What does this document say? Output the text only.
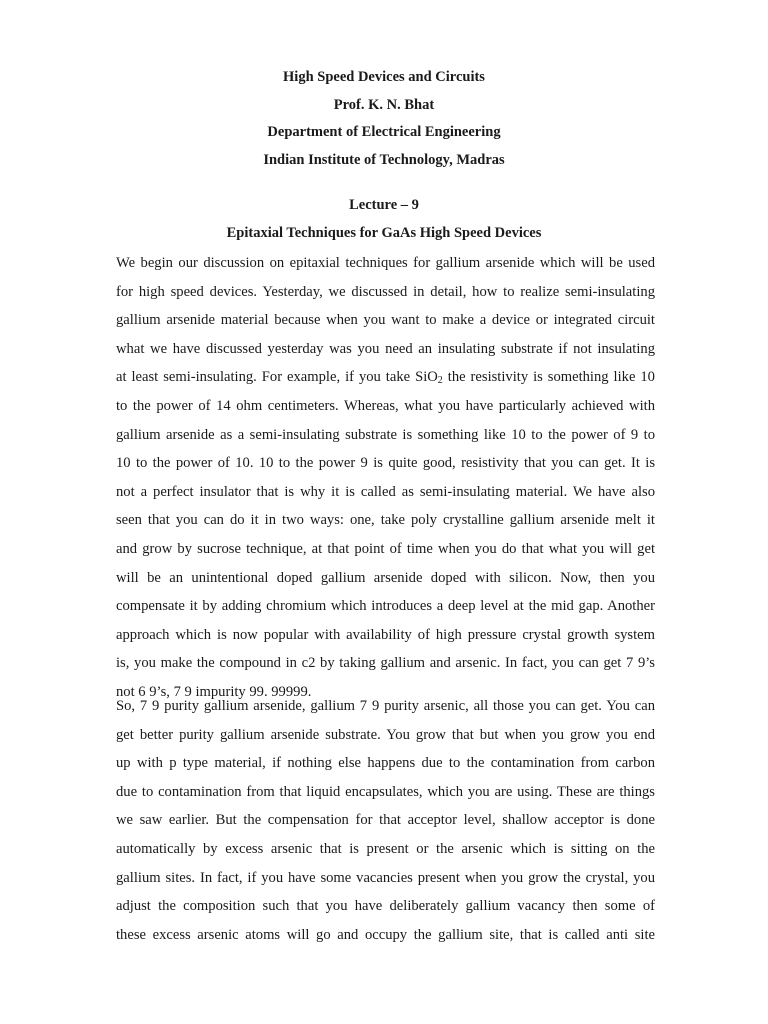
High Speed Devices and Circuits
Prof. K. N. Bhat
Department of Electrical Engineering
Indian Institute of Technology, Madras
Lecture – 9
Epitaxial Techniques for GaAs High Speed Devices
We begin our discussion on epitaxial techniques for gallium arsenide which will be used
for high speed devices. Yesterday, we discussed in detail, how to realize semi-insulating
gallium arsenide material because when you want to make a device or integrated circuit
what we have discussed yesterday was you need an insulating substrate if not insulating
at least semi-insulating. For example, if you take SiO$_2$ the resistivity is something like 10
to the power of 14 ohm centimeters. Whereas, what you have particularly achieved with
gallium arsenide as a semi-insulating substrate is something like 10 to the power of 9 to
10 to the power of 10. 10 to the power 9 is quite good, resistivity that you can get. It is
not a perfect insulator that is why it is called as semi-insulating material. We have also
seen that you can do it in two ways: one, take poly crystalline gallium arsenide melt it
and grow by sucrose technique, at that point of time when you do that what you will get
will be an unintentional doped gallium arsenide doped with silicon. Now, then you
compensate it by adding chromium which introduces a deep level at the mid gap. Another
approach which is now popular with availability of high pressure crystal growth system
is, you make the compound in c2 by taking gallium and arsenic. In fact, you can get 7 9’s
not 6 9’s, 7 9 impurity 99. 99999.
So, 7 9 purity gallium arsenide, gallium 7 9 purity arsenic, all those you can get. You can
get better purity gallium arsenide substrate. You grow that but when you grow you end
up with p type material, if nothing else happens due to the contamination from carbon
due to contamination from that liquid encapsulates, which you are using. These are things
we saw earlier. But the compensation for that acceptor level, shallow acceptor is done
automatically by excess arsenic that is present or the arsenic which is sitting on the
gallium sites. In fact, if you have some vacancies present when you grow the crystal, you
adjust the composition such that you have deliberately gallium vacancy then some of
these excess arsenic atoms will go and occupy the gallium site, that is called anti site
